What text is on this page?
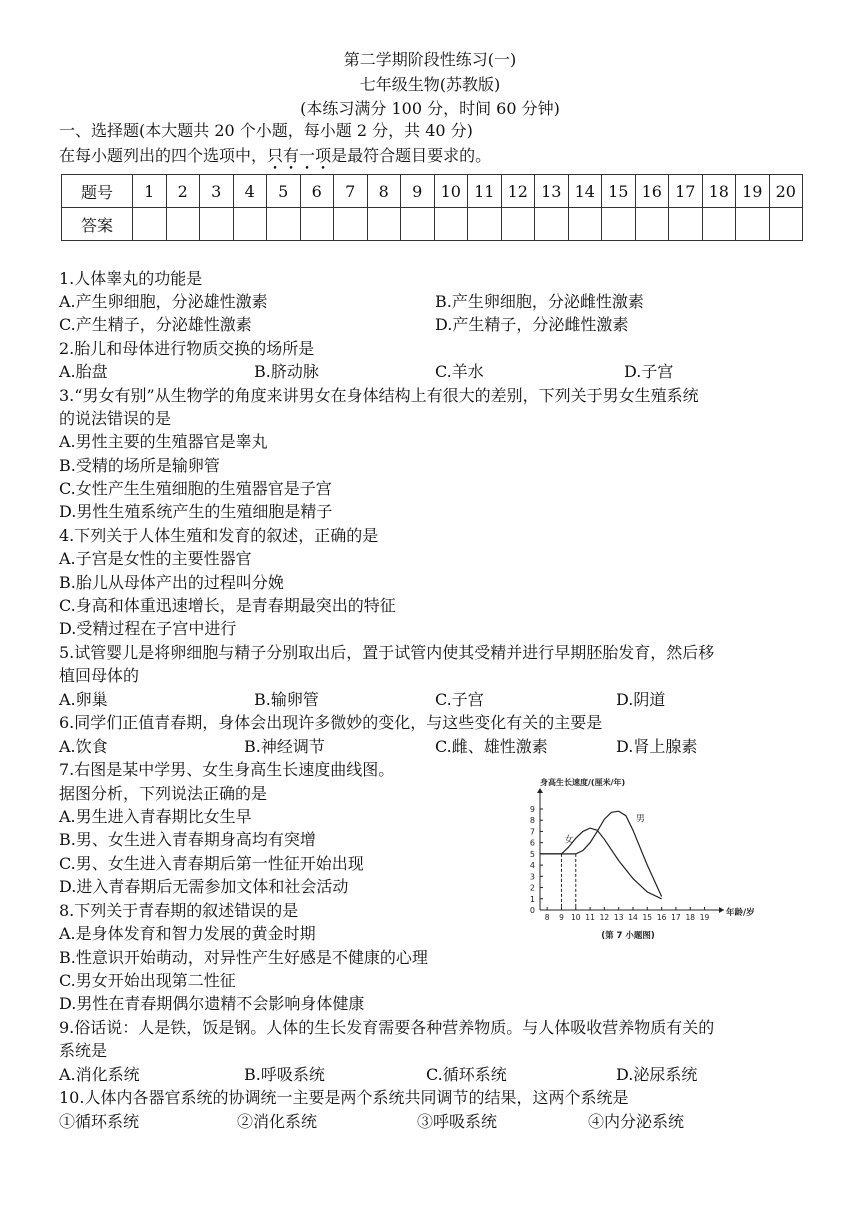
第二学期阶段性练习(一)
七年级生物(苏教版)
(本练习满分 100 分，时间 60 分钟)
一、选择题(本大题共 20 个小题，每小题 2 分，共 40 分)
在每小题列出的四个选项中，只有一项是最符合题目要求的。
题号	1	2	3	4	5	6	7	8	9	10	11	12	13	14	15	16	17	18	19	20
答案																				
1.人体睾丸的功能是
A.产生卵细胞，分泌雄性激素	B.产生卵细胞，分泌雌性激素
C.产生精子，分泌雄性激素	D.产生精子，分泌雌性激素
2.胎儿和母体进行物质交换的场所是
A.胎盘	B.脐动脉	C.羊水	D.子宫
3.“男女有别”从生物学的角度来讲男女在身体结构上有很大的差别，下列关于男女生殖系统
的说法错误的是
A.男性主要的生殖器官是睾丸
B.受精的场所是输卵管
C.女性产生生殖细胞的生殖器官是子宫
D.男性生殖系统产生的生殖细胞是精子
4.下列关于人体生殖和发育的叙述，正确的是
A.子宫是女性的主要性器官
B.胎儿从母体产出的过程叫分娩
C.身高和体重迅速增长，是青春期最突出的特征
D.受精过程在子宫中进行
5.试管婴儿是将卵细胞与精子分别取出后，置于试管内使其受精并进行早期胚胎发育，然后移
植回母体的
A.卵巢	B.输卵管	C.子宫	D.阴道
6.同学们正值青春期，身体会出现许多微妙的变化，与这些变化有关的主要是
A.饮食	B.神经调节	C.雌、雄性激素	D.肾上腺素
7.右图是某中学男、女生身高生长速度曲线图。
据图分析，下列说法正确的是
A.男生进入青春期比女生早
B.男、女生进入青春期身高均有突增
C.男、女生进入青春期后第一性征开始出现
D.进入青春期后无需参加文体和社会活动
8.下列关于青春期的叙述错误的是
A.是身体发育和智力发展的黄金时期
B.性意识开始萌动，对异性产生好感是不健康的心理
C.男女开始出现第二性征
D.男性在青春期偶尔遗精不会影响身体健康
9.俗话说：人是铁，饭是钢。人体的生长发育需要各种营养物质。与人体吸收营养物质有关的
系统是
A.消化系统	B.呼吸系统	C.循环系统	D.泌尿系统
10.人体内各器官系统的协调统一主要是两个系统共同调节的结果，这两个系统是
①循环系统	②消化系统	③呼吸系统	④内分泌系统
0
1
2
3
4
5
6
7
8
9
8 9 10 11 12 13 14 15 16 17 18 19
身高生长速度/(厘米/年)
年龄/岁
(第 7 小题图)
女
男
